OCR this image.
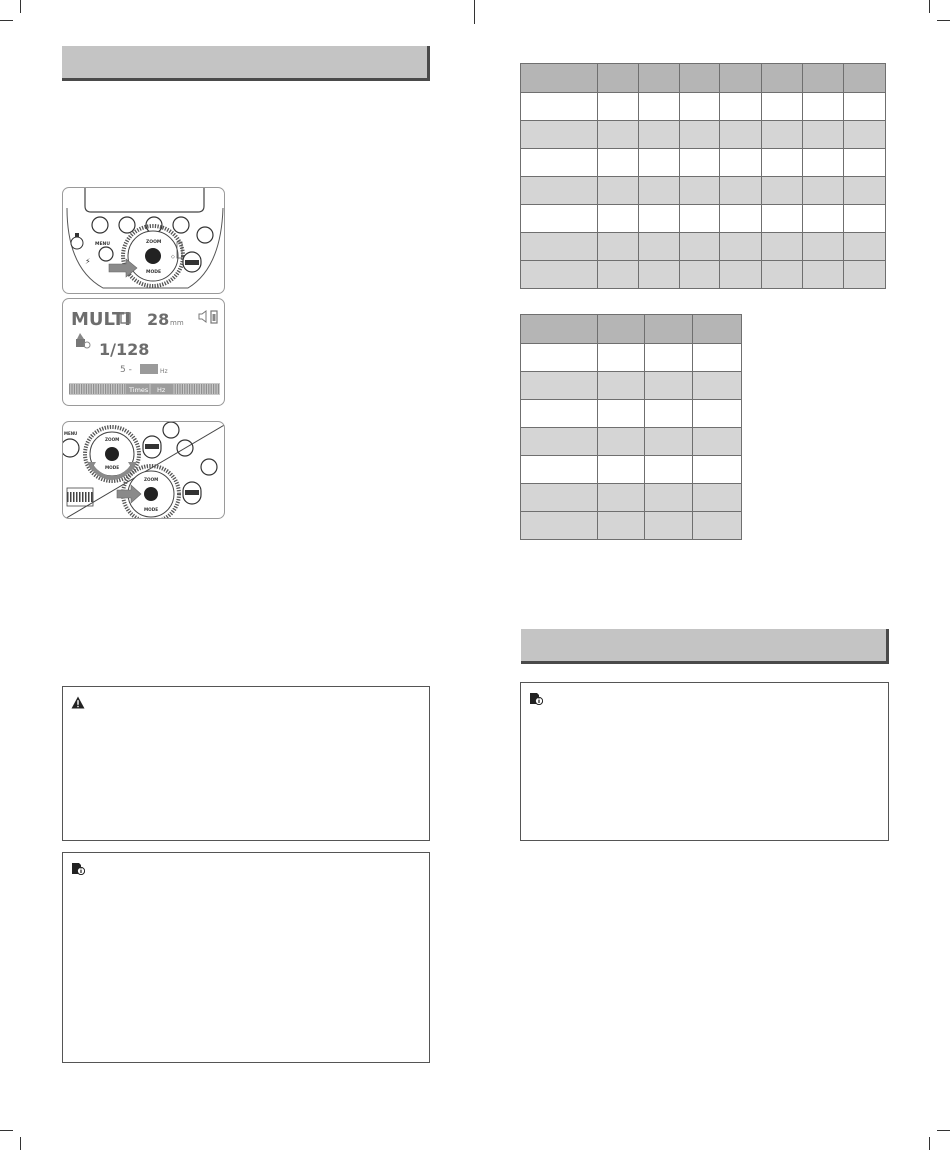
MENU
⚡
ZOOM
MODE
◇
MULTI 28 mm
1/128
5 -	Hz
Times Hz
MENU
ZOOM
MODE
ZOOM
MODE
